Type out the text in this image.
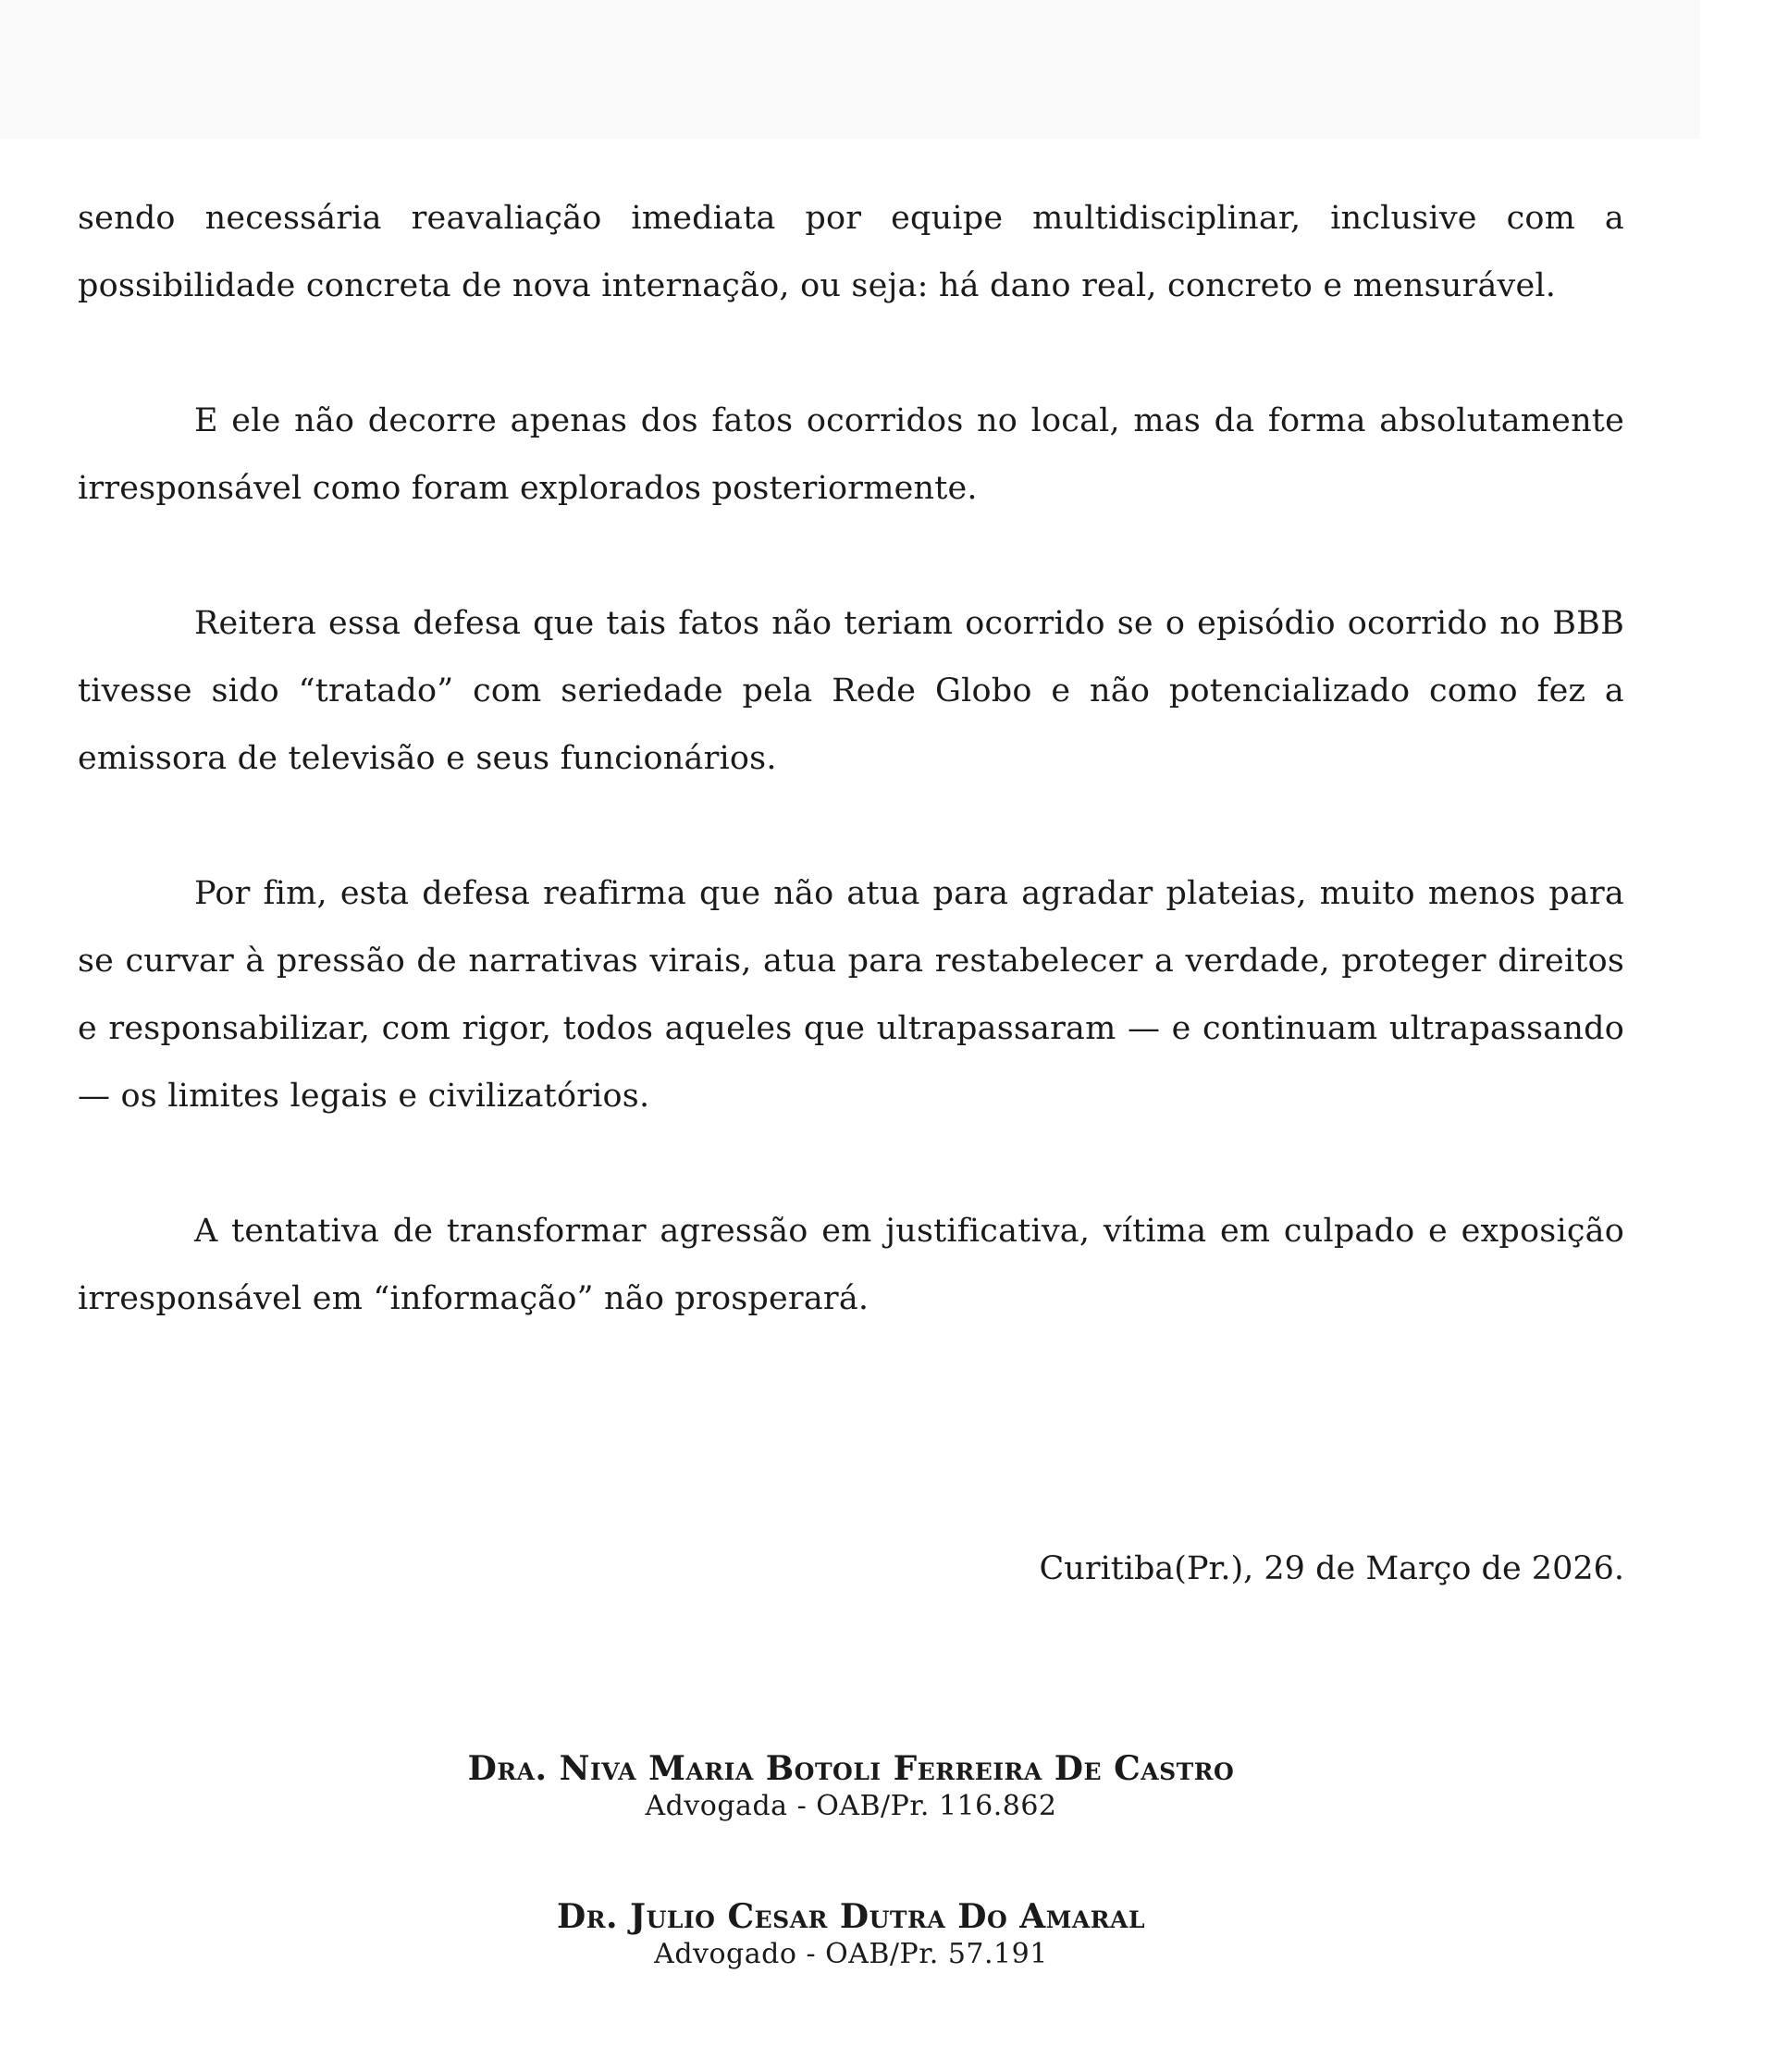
sendo necessária reavaliação imediata por equipe multidisciplinar, inclusive com a possibilidade concreta de nova internação, ou seja: há dano real, concreto e mensurável.

E ele não decorre apenas dos fatos ocorridos no local, mas da forma absolutamente irresponsável como foram explorados posteriormente.

Reitera essa defesa que tais fatos não teriam ocorrido se o episódio ocorrido no BBB tivesse sido “tratado” com seriedade pela Rede Globo e não potencializado como fez a emissora de televisão e seus funcionários.

Por fim, esta defesa reafirma que não atua para agradar plateias, muito menos para se curvar à pressão de narrativas virais, atua para restabelecer a verdade, proteger direitos e responsabilizar, com rigor, todos aqueles que ultrapassaram — e continuam ultrapassando — os limites legais e civilizatórios.

A tentativa de transformar agressão em justificativa, vítima em culpado e exposição irresponsável em “informação” não prosperará.

Curitiba(Pr.), 29 de Março de 2026.
Dra. Niva Maria Botoli Ferreira De Castro
Advogada - OAB/Pr. 116.862
Dr. Julio Cesar Dutra Do Amaral
Advogado - OAB/Pr. 57.191
